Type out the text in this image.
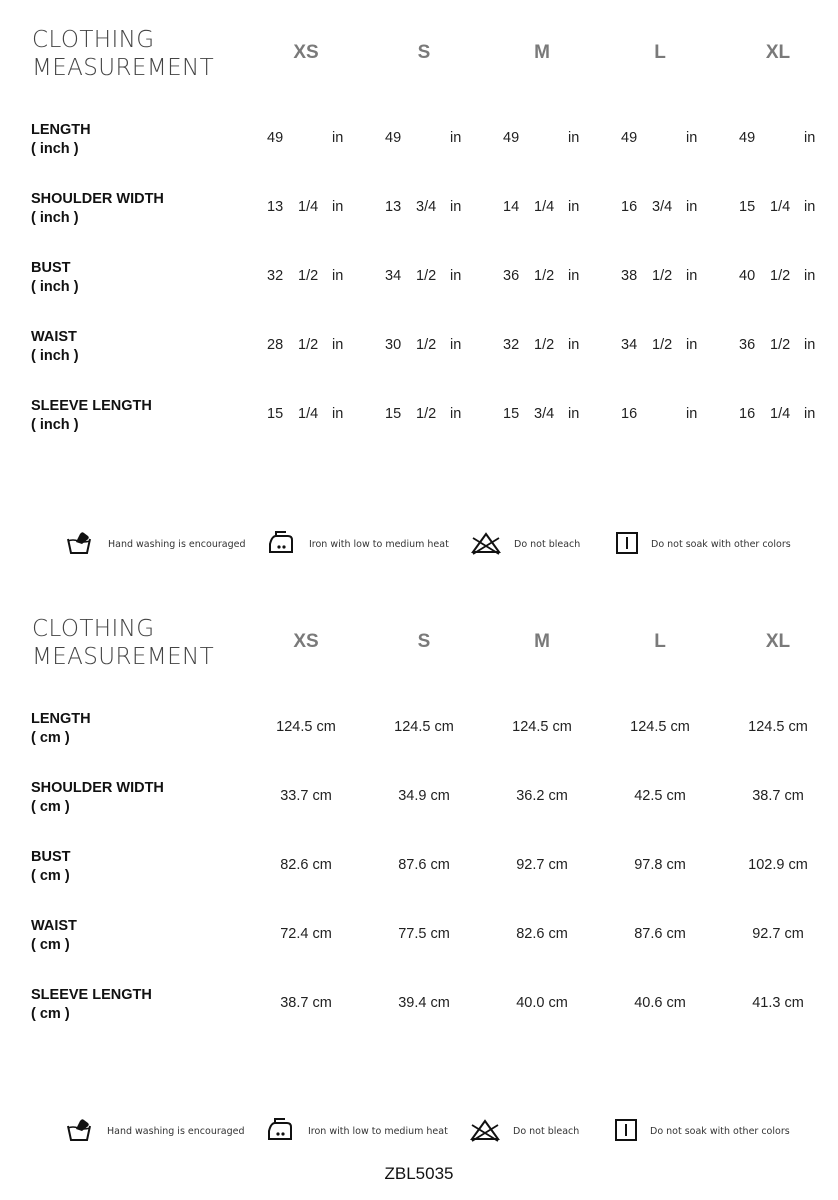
CLOTHING
MEASUREMENT
XS	S	M	L	XL
LENGTH
( inch )
49	in	49	in	49	in	49	in	49	in
SHOULDER WIDTH
( inch )
13 1/4 in	13 3/4 in	14 1/4 in	16 3/4 in	15 1/4 in
BUST
( inch )
32 1/2 in	34 1/2 in	36 1/2 in	38 1/2 in	40 1/2 in
WAIST
( inch )
28 1/2 in	30 1/2 in	32 1/2 in	34 1/2 in	36 1/2 in
SLEEVE LENGTH
( inch )
15 1/4 in	15 1/2 in	15 3/4 in	16	in	16 1/4 in
Hand washing is encouraged	Iron with low to medium heat	Do not bleach	Do not soak with other colors
CLOTHING
MEASUREMENT
XS	S	M	L	XL
LENGTH
( cm )
124.5 cm	124.5 cm	124.5 cm	124.5 cm	124.5 cm
SHOULDER WIDTH
( cm )
33.7 cm	34.9 cm	36.2 cm	42.5 cm	38.7 cm
BUST
( cm )
82.6 cm	87.6 cm	92.7 cm	97.8 cm	102.9 cm
WAIST
( cm )
72.4 cm	77.5 cm	82.6 cm	87.6 cm	92.7 cm
SLEEVE LENGTH
( cm )
38.7 cm	39.4 cm	40.0 cm	40.6 cm	41.3 cm
Hand washing is encouraged	Iron with low to medium heat	Do not bleach	Do not soak with other colors
ZBL5035
